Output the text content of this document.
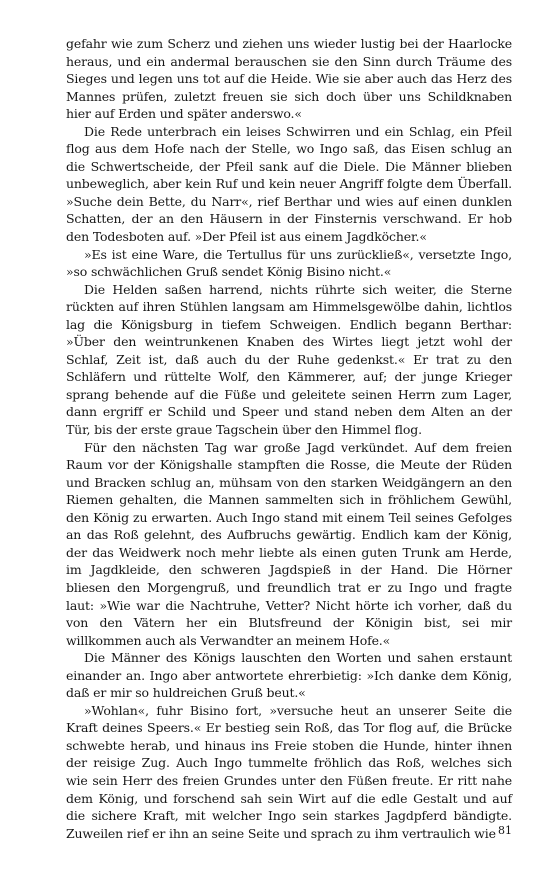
gefahr wie zum Scherz und ziehen uns wieder lustig bei der Haarlocke heraus, und ein andermal berauschen sie den Sinn durch Träume des Sieges und legen uns tot auf die Heide. Wie sie aber auch das Herz des Mannes prüfen, zuletzt freuen sie sich doch über uns Schildknaben hier auf Erden und später anderswo.«

Die Rede unterbrach ein leises Schwirren und ein Schlag, ein Pfeil flog aus dem Hofe nach der Stelle, wo Ingo saß, das Eisen schlug an die Schwertscheide, der Pfeil sank auf die Diele. Die Männer blieben unbeweglich, aber kein Ruf und kein neuer Angriff folgte dem Überfall. »Suche dein Bette, du Narr«, rief Berthar und wies auf einen dunklen Schatten, der an den Häusern in der Finsternis verschwand. Er hob den Todesboten auf. »Der Pfeil ist aus einem Jagdköcher.«

»Es ist eine Ware, die Tertullus für uns zurückließ«, versetzte Ingo, »so schwächlichen Gruß sendet König Bisino nicht.«

Die Helden saßen harrend, nichts rührte sich weiter, die Sterne rückten auf ihren Stühlen langsam am Himmelsgewölbe dahin, lichtlos lag die Königsburg in tiefem Schweigen. Endlich begann Berthar: »Über den weintrunkenen Knaben des Wirtes liegt jetzt wohl der Schlaf, Zeit ist, daß auch du der Ruhe gedenkst.« Er trat zu den Schläfern und rüttelte Wolf, den Kämmerer, auf; der junge Krieger sprang behende auf die Füße und geleitete seinen Herrn zum Lager, dann ergriff er Schild und Speer und stand neben dem Alten an der Tür, bis der erste graue Tagschein über den Himmel flog.

Für den nächsten Tag war große Jagd verkündet. Auf dem freien Raum vor der Königshalle stampften die Rosse, die Meute der Rüden und Bracken schlug an, mühsam von den starken Weidgängern an den Riemen gehalten, die Mannen sammelten sich in fröhlichem Gewühl, den König zu erwarten. Auch Ingo stand mit einem Teil seines Gefolges an das Roß gelehnt, des Aufbruchs gewärtig. Endlich kam der König, der das Weidwerk noch mehr liebte als einen guten Trunk am Herde, im Jagdkleide, den schweren Jagdspieß in der Hand. Die Hörner bliesen den Morgengruß, und freundlich trat er zu Ingo und fragte laut: »Wie war die Nachtruhe, Vetter? Nicht hörte ich vorher, daß du von den Vätern her ein Blutsfreund der Königin bist, sei mir willkommen auch als Verwandter an meinem Hofe.«

Die Männer des Königs lauschten den Worten und sahen erstaunt einander an. Ingo aber antwortete ehrerbietig: »Ich danke dem König, daß er mir so huldreichen Gruß beut.«

»Wohlan«, fuhr Bisino fort, »versuche heut an unserer Seite die Kraft deines Speers.« Er bestieg sein Roß, das Tor flog auf, die Brücke schwebte herab, und hinaus ins Freie stoben die Hunde, hinter ihnen der reisige Zug. Auch Ingo tummelte fröhlich das Roß, welches sich wie sein Herr des freien Grundes unter den Füßen freute. Er ritt nahe dem König, und forschend sah sein Wirt auf die edle Gestalt und auf die sichere Kraft, mit welcher Ingo sein starkes Jagdpferd bändigte. Zuweilen rief er ihn an seine Seite und sprach zu ihm vertraulich wie 81
